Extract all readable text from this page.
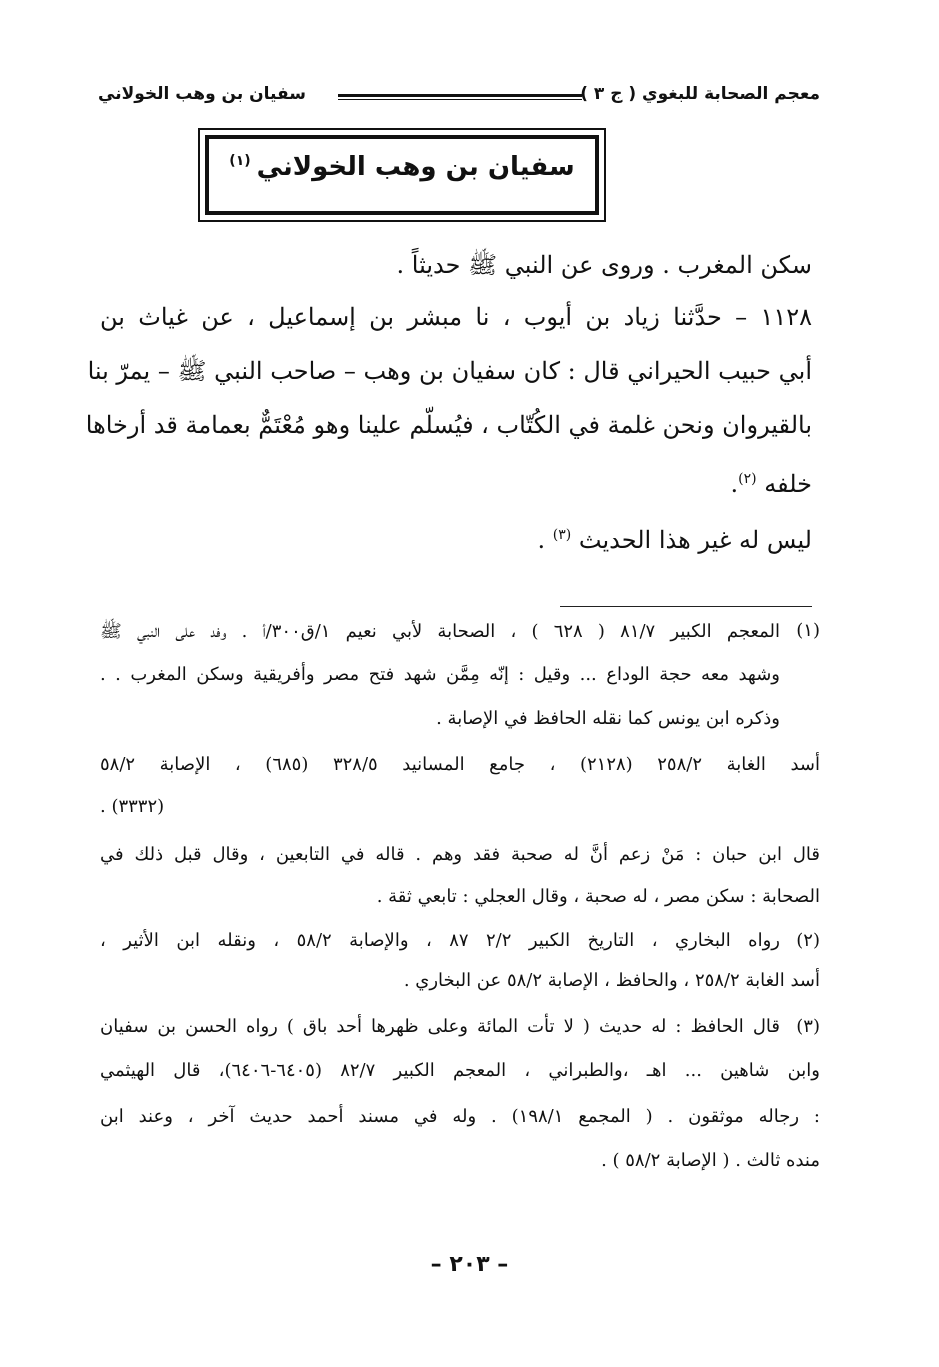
معجم الصحابة للبغوي ( ج ٣ )
سفيان بن وهب الخولاني
سفيان بن وهب الخولاني$^{(١)}$
سكن المغرب . وروى عن النبي ﷺ حديثاً .
١١٢٨ – حدَّثنا زياد بن أيوب ، نا مبشر بن إسماعيل ، عن غياث بن
أبي حبيب الحيراني قال : كان سفيان بن وهب – صاحب النبي ﷺ – يمرّ بنا
بالقيروان ونحن غلمة في الكُتّاب ، فيُسلّم علينا وهو مُعْتَمٌّ بعمامة قد أرخاها
خلفه $^{(٢)}$.
ليس له غير هذا الحديث $^{(٣)}$ .
(١)
المعجم الكبير ٨١/٧ ( ٦٢٨ ) ، الصحابة لأبي نعيم ١/ق٣٠٠/أ . وفد على النبي ﷺ
وشهد معه حجة الوداع ... وقيل : إنّه مِمَّن شهد فتح مصر وأفريقية وسكن المغرب . .
وذكره ابن يونس كما نقله الحافظ في الإصابة .
أسد الغابة ٢٥٨/٢ (٢١٢٨) ، جامع المسانيد ٣٢٨/٥ (٦٨٥) ، الإصابة ٥٨/٢
(٣٣٣٢) .
قال ابن حبان : مَنْ زعم أنَّ له صحبة فقد وهم . قاله في التابعين ، وقال قبل ذلك في
الصحابة : سكن مصر ، له صحبة ، وقال العجلي : تابعي ثقة .
(٢)
رواه البخاري ، التاريخ الكبير ٢/٢ ٨٧ ، والإصابة ٥٨/٢ ، ونقله ابن الأثير ،
أسد الغابة ٢٥٨/٢ ، والحافظ ، الإصابة ٥٨/٢ عن البخاري .
(٣)
قال الحافظ : له حديث ( لا تأت المائة وعلى ظهرها أحد باق ) رواه الحسن بن سفيان
وابن شاهين ... اهـ ،والطبراني ، المعجم الكبير ٨٢/٧ (٦٤٠٥-٦٤٠٦)، قال الهيثمي
: رجاله موثقون . ( المجمع ١٩٨/١) . وله في مسند أحمد حديث آخر ، وعند ابن
منده ثالث . ( الإصابة ٥٨/٢ ) .
– ٢٠٣ –
